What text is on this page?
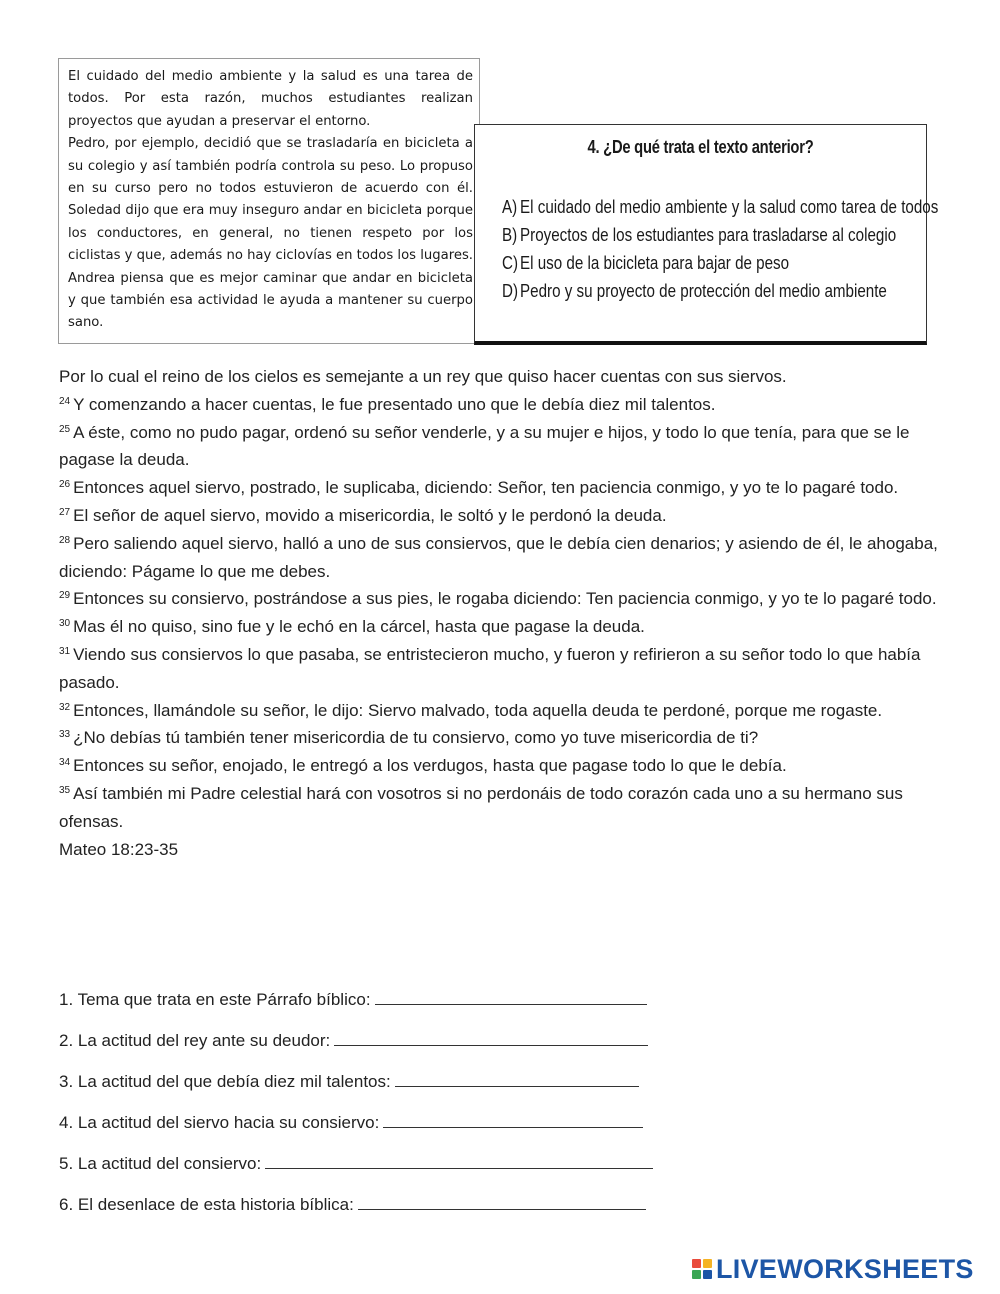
El cuidado del medio ambiente y la salud es una tarea de todos. Por esta razón, muchos estudiantes realizan proyectos que ayudan a preservar el entorno.

Pedro, por ejemplo, decidió que se trasladaría en bicicleta a su colegio y así también podría controla su peso. Lo propuso en su curso pero no todos estuvieron de acuerdo con él. Soledad dijo que era muy inseguro andar en bicicleta porque los conductores, en general, no tienen respeto por los ciclistas y que, además no hay ciclovías en todos los lugares. Andrea piensa que es mejor caminar que andar en bicicleta y que también esa actividad le ayuda a mantener su cuerpo sano.

4. ¿De qué trata el texto anterior?
A) El cuidado del medio ambiente y la salud como tarea de todos
B) Proyectos de los estudiantes para trasladarse al colegio
C) El uso de la bicicleta para bajar de peso
D) Pedro y su proyecto de protección del medio ambiente

Por lo cual el reino de los cielos es semejante a un rey que quiso hacer cuentas con sus siervos.

$^{24}$ Y comenzando a hacer cuentas, le fue presentado uno que le debía diez mil talentos.

$^{25}$ A éste, como no pudo pagar, ordenó su señor venderle, y a su mujer e hijos, y todo lo que tenía, para que se le pagase la deuda.

$^{26}$ Entonces aquel siervo, postrado, le suplicaba, diciendo: Señor, ten paciencia conmigo, y yo te lo pagaré todo.

$^{27}$ El señor de aquel siervo, movido a misericordia, le soltó y le perdonó la deuda.

$^{28}$ Pero saliendo aquel siervo, halló a uno de sus consiervos, que le debía cien denarios; y asiendo de él, le ahogaba, diciendo: Págame lo que me debes.

$^{29}$ Entonces su consiervo, postrándose a sus pies, le rogaba diciendo: Ten paciencia conmigo, y yo te lo pagaré todo.

$^{30}$ Mas él no quiso, sino fue y le echó en la cárcel, hasta que pagase la deuda.

$^{31}$ Viendo sus consiervos lo que pasaba, se entristecieron mucho, y fueron y refirieron a su señor todo lo que había pasado.

$^{32}$ Entonces, llamándole su señor, le dijo: Siervo malvado, toda aquella deuda te perdoné, porque me rogaste.

$^{33}$ ¿No debías tú también tener misericordia de tu consiervo, como yo tuve misericordia de ti?

$^{34}$ Entonces su señor, enojado, le entregó a los verdugos, hasta que pagase todo lo que le debía.

$^{35}$ Así también mi Padre celestial hará con vosotros si no perdonáis de todo corazón cada uno a su hermano sus ofensas.

Mateo 18:23-35

1. Tema que trata en este Párrafo bíblico:
2. La actitud del rey ante su deudor:
3. La actitud del que debía diez mil talentos:
4. La actitud del siervo hacia su consiervo:
5. La actitud del consiervo:
6. El desenlace de esta historia bíblica:
LIVEWORKSHEETS
